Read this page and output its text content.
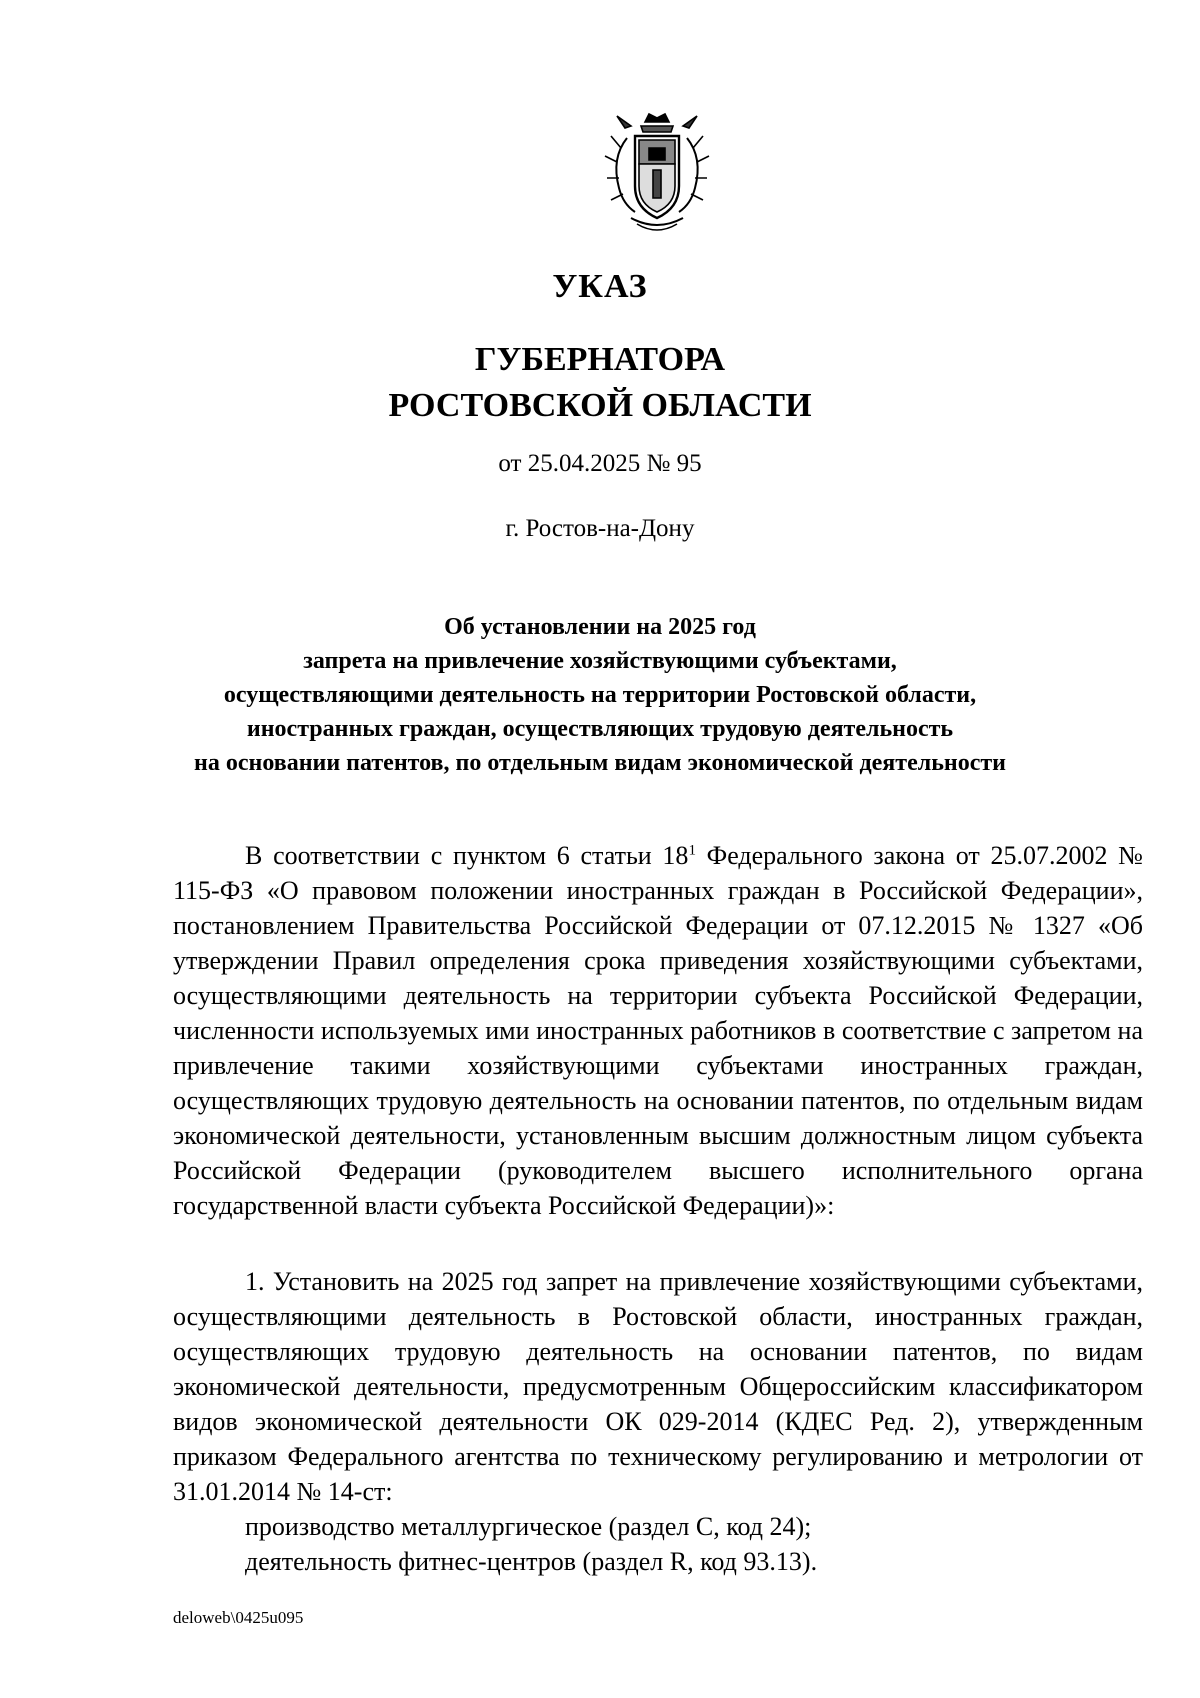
УКАЗ
ГУБЕРНАТОРА
РОСТОВСКОЙ ОБЛАСТИ
от 25.04.2025 № 95
г. Ростов-на-Дону
Об установлении на 2025 год
запрета на привлечение хозяйствующими субъектами,
осуществляющими деятельность на территории Ростовской области,
иностранных граждан, осуществляющих трудовую деятельность
на основании патентов, по отдельным видам экономической деятельности

В соответствии с пунктом 6 статьи $18^1$ Федерального закона от 25.07.2002 № 115-ФЗ «О правовом положении иностранных граждан в Российской Федерации», постановлением Правительства Российской Федерации от 07.12.2015 № 1327 «Об утверждении Правил определения срока приведения хозяйствующими субъектами, осуществляющими деятельность на территории субъекта Российской Федерации, численности используемых ими иностранных работников в соответствие с запретом на привлечение такими хозяйствующими субъектами иностранных граждан, осуществляющих трудовую деятельность на основании патентов, по отдельным видам экономической деятельности, установленным высшим должностным лицом субъекта Российской Федерации (руководителем высшего исполнительного органа государственной власти субъекта Российской Федерации)»:

1. Установить на 2025 год запрет на привлечение хозяйствующими субъектами, осуществляющими деятельность в Ростовской области, иностранных граждан, осуществляющих трудовую деятельность на основании патентов, по видам экономической деятельности, предусмотренным Общероссийским классификатором видов экономической деятельности ОК 029-2014 (КДЕС Ред. 2), утвержденным приказом Федерального агентства по техническому регулированию и метрологии от 31.01.2014 № 14-ст:

производство металлургическое (раздел C, код 24);

деятельность фитнес-центров (раздел R, код 93.13).

deloweb\0425u095
